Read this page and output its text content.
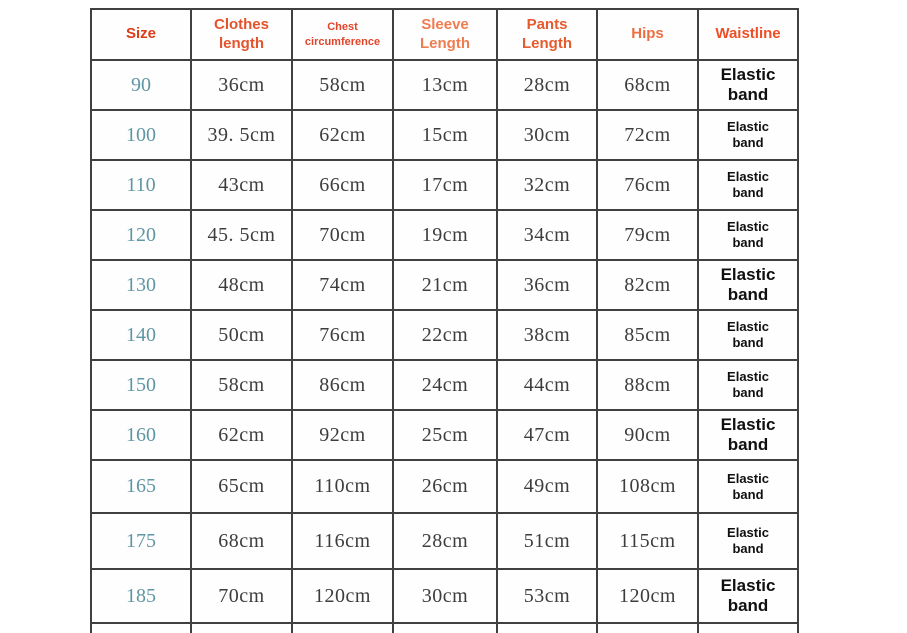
Size	Clothes length	Chest circumference	Sleeve Length	Pants Length	Hips	Waistline
90	36cm	58cm	13cm	28cm	68cm	Elastic band

100	39. 5cm	62cm	15cm	30cm	72cm	Elastic band

110	43cm	66cm	17cm	32cm	76cm	Elastic band

120	45. 5cm	70cm	19cm	34cm	79cm	Elastic band

130	48cm	74cm	21cm	36cm	82cm	Elastic band

140	50cm	76cm	22cm	38cm	85cm	Elastic band

150	58cm	86cm	24cm	44cm	88cm	Elastic band

160	62cm	92cm	25cm	47cm	90cm	Elastic band

165	65cm	110cm	26cm	49cm	108cm	Elastic band

175	68cm	116cm	28cm	51cm	115cm	Elastic band

185	70cm	120cm	30cm	53cm	120cm	Elastic band
